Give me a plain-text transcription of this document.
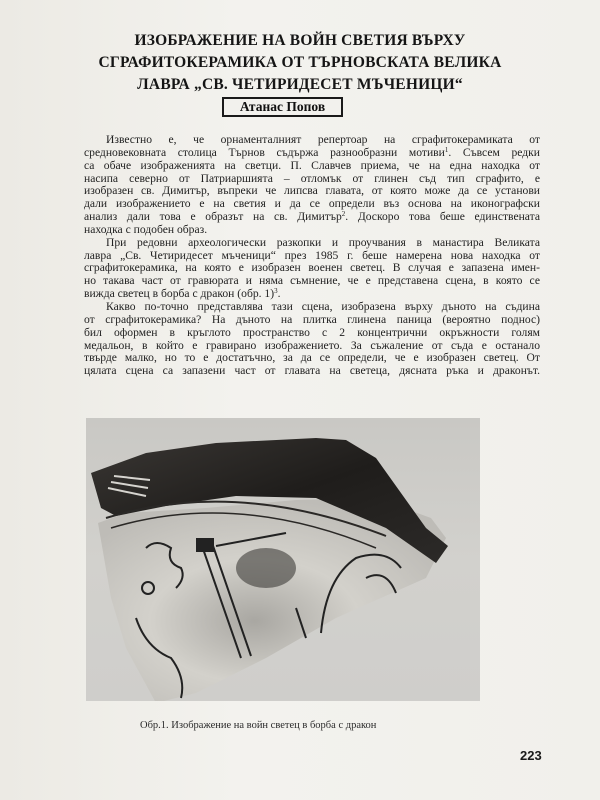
ИЗОБРАЖЕНИЕ НА ВОЙН СВЕТИЯ ВЪРХУ
СГРАФИТОКЕРАМИКА ОТ ТЪРНОВСКАТА ВЕЛИКА
ЛАВРА „СВ. ЧЕТИРИДЕСЕТ МЪЧЕНИЦИ“
Атанас Попов
Известно е, че орнаменталният репертоар на сграфитокерамиката от
средновековната столица Търнов съдържа разнообразни мотиви$^1$. Съвсем редки
са обаче изображенията на светци. П. Славчев приема, че на една находка от
насипа северно от Патриаршията – отломък от глинен съд тип сграфито, е
изобразен св. Димитър, въпреки че липсва главата, от която може да се установи
дали изображението е на светия и да се определи въз основа на иконографски
анализ дали това е образът на св. Димитър$^2$. Доскоро това беше единствената
находка с подобен образ.
При редовни археологически разкопки и проучвания в манастира Великата
лавра „Св. Четиридесет мъченици“ през 1985 г. беше намерена нова находка от
сграфитокерамика, на която е изобразен военен светец. В случая е запазена имен-
но такава част от гравюрата и няма съмнение, че е представена сцена, в която се
вижда светец в борба с дракон (обр. 1)$^3$.
Какво по-точно представлява тази сцена, изобразена върху дъното на съдина
от сграфитокерамика? На дъното на плитка глинена паница (вероятно поднос)
бил оформен в кръглото пространство с 2 концентрични окръжности голям
медальон, в който е гравирано изображението. За съжаление от съда е останало
твърде малко, но то е достатъчно, за да се определи, че е изобразен светец. От
цялата сцена са запазени част от главата на светеца, дясната ръка и драконът.
Обр.1. Изображение на войн светец в борба с дракон
223
